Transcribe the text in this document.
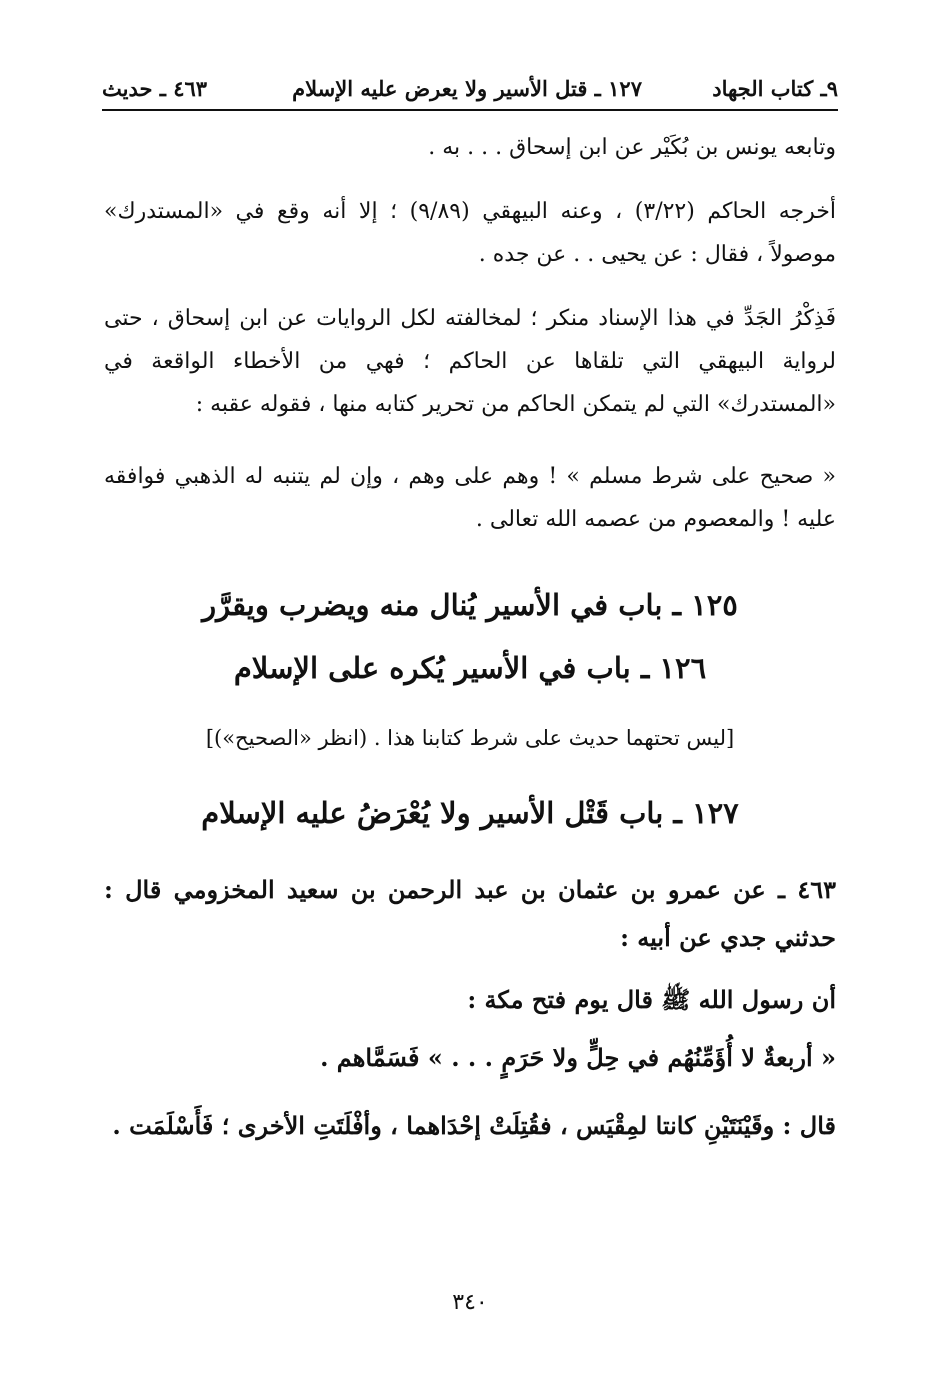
٩ـ كتاب الجهاد
١٢٧ ـ قتل الأسير ولا يعرض عليه الإسلام
٤٦٣ ـ حديث
وتابعه يونس بن بُكَيْر عن ابن إسحاق . . . به .
أخرجه الحاكم (٣/٢٢) ، وعنه البيهقي (٩/٨٩) ؛ إلا أنه وقع في «المستدرك» موصولاً ، فقال : عن يحيى . . عن جده .
فَذِكْرُ الجَدِّ في هذا الإسناد منكر ؛ لمخالفته لكل الروايات عن ابن إسحاق ، حتى لرواية البيهقي التي تلقاها عن الحاكم ؛ فهي من الأخطاء الواقعة في «المستدرك» التي لم يتمكن الحاكم من تحرير كتابه منها ، فقوله عقبه :
« صحيح على شرط مسلم » ! وهم على وهم ، وإن لم يتنبه له الذهبي فوافقه عليه ! والمعصوم من عصمه الله تعالى .
١٢٥ ـ باب في الأسير يُنال منه ويضرب ويقرَّر
١٢٦ ـ باب في الأسير يُكره على الإسلام
[ليس تحتهما حديث على شرط كتابنا هذا . (انظر «الصحيح»)]
١٢٧ ـ باب قَتْل الأسير ولا يُعْرَضُ عليه الإسلام
٤٦٣ ـ عن عمرو بن عثمان بن عبد الرحمن بن سعيد المخزومي قال : حدثني جدي عن أبيه :
أن رسول الله ﷺ قال يوم فتح مكة :
« أربعةٌ لا أُؤَمِّنُهُم في حِلٍّ ولا حَرَمٍ . . . » فَسَمَّاهم .
قال : وقَيْنَتَيْنِ كانتا لمِقْيَس ، فقُتِلَتْ إحْدَاهما ، وأفْلَتَتِ الأخرى ؛ فَأَسْلَمَت .
٣٤٠
